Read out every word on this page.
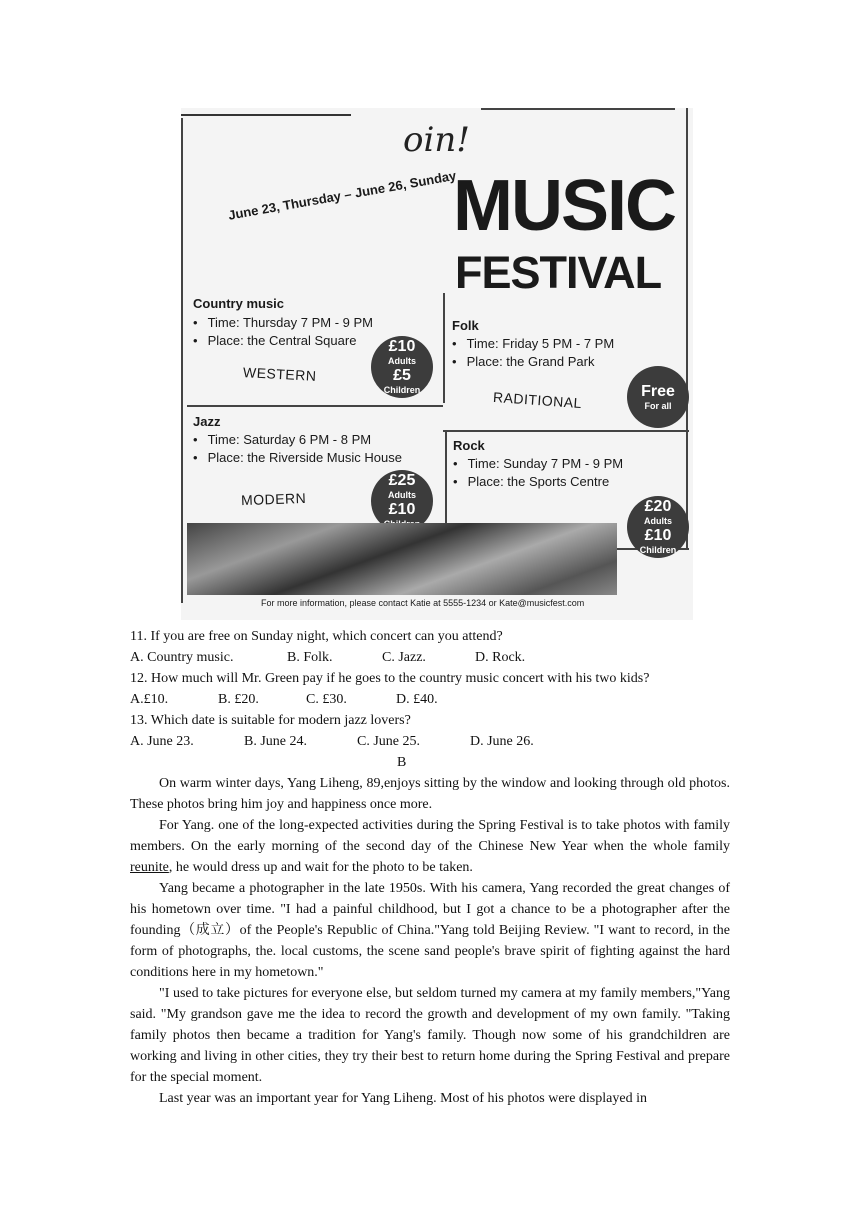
oin!
June 23, Thursday – June 26, Sunday
MUSIC
FESTIVAL
Country music
• Time: Thursday 7 PM - 9 PM
• Place: the Central Square
WESTERN
£10
Adults
£5
Children
Folk
• Time: Friday 5 PM - 7 PM
• Place: the Grand Park
RADITIONAL	Free
For all
Jazz
• Time: Saturday 6 PM - 8 PM
• Place: the Riverside Music House
MODERN
£25
Adults
£10
Rock
• Time: Sunday 7 PM - 9 PM
• Place: the Sports Centre
£20
Adults
£10
Children
For more information, please contact Katie at 5555-1234 or Kate@musicfest.com
11. If you are free on Sunday night, which concert can you attend?
A. Country music.	B. Folk.	C. Jazz.	D. Rock.
12. How much will Mr. Green pay if he goes to the country music concert with his two kids?
A.£10.	B. £20.	C. £30.	D. £40.
13. Which date is suitable for modern jazz lovers?
A. June 23.	B. June 24.	C. June 25.	D. June 26.
B

On warm winter days, Yang Liheng, 89,enjoys sitting by the window and looking through old photos. These photos bring him joy and happiness once more.

For Yang. one of the long-expected activities during the Spring Festival is to take photos with family members. On the early morning of the second day of the Chinese New Year when the whole family reunite, he would dress up and wait for the photo to be taken.

Yang became a photographer in the late 1950s. With his camera, Yang recorded the great changes of his hometown over time. "I had a painful childhood, but I got a chance to be a photographer after the founding（成立）of the People's Republic of China."Yang told Beijing Review. "I want to record, in the form of photographs, the. local customs, the scene sand people's brave spirit of fighting against the hard conditions here in my hometown."

"I used to take pictures for everyone else, but seldom turned my camera at my family members,"Yang said. "My grandson gave me the idea to record the growth and development of my own family. "Taking family photos then became a tradition for Yang's family. Though now some of his grandchildren are working and living in other cities, they try their best to return home during the Spring Festival and prepare for the special moment.

Last year was an important year for Yang Liheng. Most of his photos were displayed in
